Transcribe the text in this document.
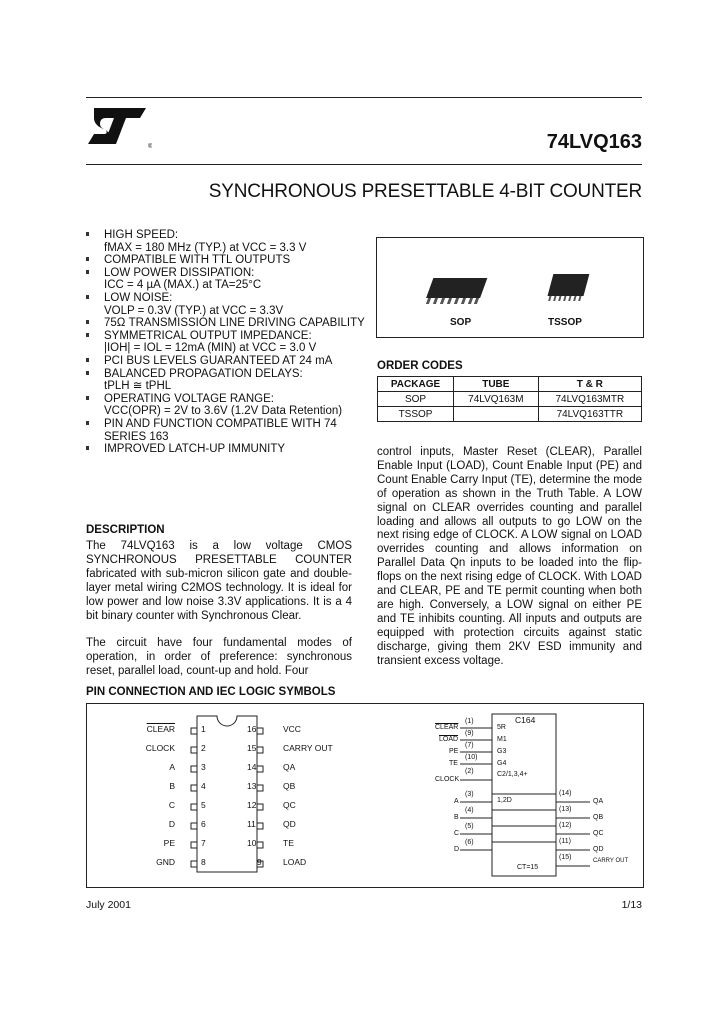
®	74LVQ163
SYNCHRONOUS PRESETTABLE 4-BIT COUNTER
HIGH SPEED:
fMAX = 180 MHz (TYP.) at VCC = 3.3 V
COMPATIBLE WITH TTL OUTPUTS
LOW POWER DISSIPATION:
ICC = 4 µA (MAX.) at TA=25°C
LOW NOISE:
VOLP = 0.3V (TYP.) at VCC = 3.3V
75Ω TRANSMISSION LINE DRIVING CAPABILITY
SYMMETRICAL OUTPUT IMPEDANCE:
|IOH| = IOL = 12mA (MIN) at VCC = 3.0 V
PCI BUS LEVELS GUARANTEED AT 24 mA
BALANCED PROPAGATION DELAYS:
tPLH ≅ tPHL
OPERATING VOLTAGE RANGE:
VCC(OPR) = 2V to 3.6V (1.2V Data Retention)
PIN AND FUNCTION COMPATIBLE WITH 74 SERIES 163
IMPROVED LATCH-UP IMMUNITY
SOP	TSSOP
ORDER CODES
PACKAGE	TUBE	T & R
SOP	74LVQ163M	74LVQ163MTR
TSSOP		74LVQ163TTR
DESCRIPTION
The 74LVQ163 is a low voltage CMOS SYNCHRONOUS PRESETTABLE COUNTER fabricated with sub-micron silicon gate and double-layer metal wiring C2MOS technology. It is ideal for low power and low noise 3.3V applications. It is a 4 bit binary counter with Synchronous Clear.
The circuit have four fundamental modes of operation, in order of preference: synchronous reset, parallel load, count-up and hold. Four
control inputs, Master Reset (CLEAR), Parallel Enable Input (LOAD), Count Enable Input (PE) and Count Enable Carry Input (TE), determine the mode of operation as shown in the Truth Table. A LOW signal on CLEAR overrides counting and parallel loading and allows all outputs to go LOW on the next rising edge of CLOCK. A LOW signal on LOAD overrides counting and allows information on Parallel Data Qn inputs to be loaded into the flip-flops on the next rising edge of CLOCK. With LOAD and CLEAR, PE and TE permit counting when both are high. Conversely, a LOW signal on either PE and TE inhibits counting. All inputs and outputs are equipped with protection circuits against static discharge, giving them 2KV ESD immunity and transient excess voltage.
PIN CONNECTION AND IEC LOGIC SYMBOLS
CLEAR
CLOCK
A
B
C
D
PE
GND
1
2
3
4
5
6
7
8
16
15
14
13
12
11
10
9
VCC
CARRY OUT
QA
QB
QC
QD
TE
LOAD
C164
CLEAR
LOAD
PE
TE
CLOCK
A
B
C
D
(1)
(9)
(7)
(10)
(2)
(3)
(4)
(5)
(6)
5R
M1
G3
G4
C2/1,3,4+
1,2D
CT=15
(14)
(13)
(12)
(11)
(15)
QA
QB
QC
QD
CARRY OUT
July 2001	1/13
